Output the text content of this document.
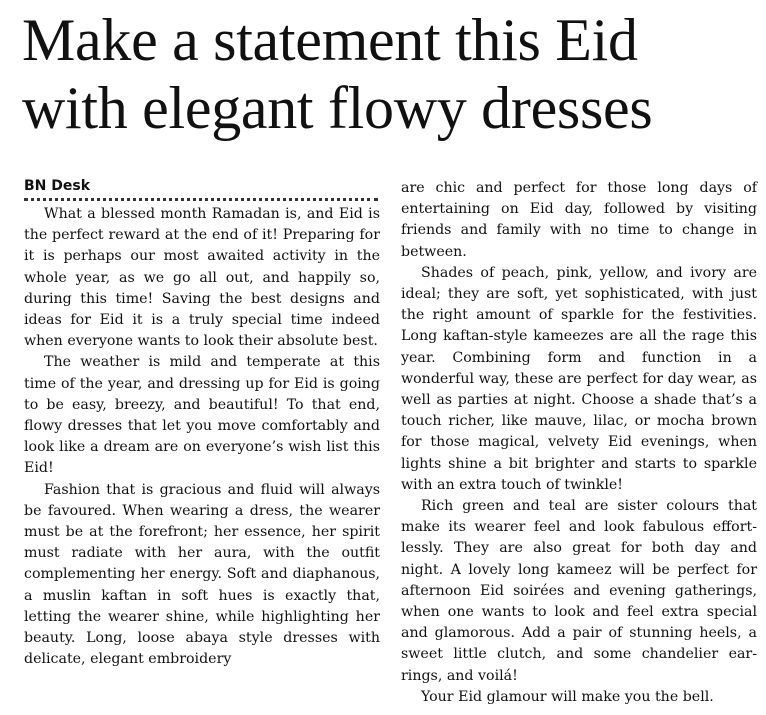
Make a statement this Eid
with elegant flowy dresses
BN Desk

What a blessed month Ramadan is, and Eid is the perfect reward at the end of it! Preparing for it is perhaps our most awaited activity in the whole year, as we go all out, and happily so, during this time! Saving the best designs and ideas for Eid it is a truly special time indeed when everyone wants to look their absolute best.

The weather is mild and temperate at this time of the year, and dressing up for Eid is going to be easy, breezy, and beautiful! To that end, flowy dresses that let you move comfortably and look like a dream are on everyone’s wish list this Eid!

Fashion that is gracious and fluid will always be favoured. When wearing a dress, the wearer must be at the forefront; her essence, her spirit must radiate with her aura, with the outfit complementing her energy. Soft and diaphanous, a muslin kaftan in soft hues is exactly that, letting the wearer shine, while highlighting her beauty. Long, loose abaya style dresses with delicate, elegant embroidery

are chic and perfect for those long days of entertaining on Eid day, followed by visiting friends and family with no time to change in between.

Shades of peach, pink, yellow, and ivory are ideal; they are soft, yet sophisticated, with just the right amount of sparkle for the festivities. Long kaftan-style kameezes are all the rage this year. Combining form and function in a wonderful way, these are perfect for day wear, as well as parties at night. Choose a shade that’s a touch richer, like mauve, lilac, or mocha brown for those magical, velvety Eid evenings, when lights shine a bit brighter and starts to sparkle with an extra touch of twinkle!

Rich green and teal are sister colours that make its wearer feel and look fabulous effortlessly. They are also great for both day and night. A lovely long kameez will be perfect for afternoon Eid soirées and evening gatherings, when one wants to look and feel extra special and glamorous. Add a pair of stunning heels, a sweet little clutch, and some chandelier earrings, and voilá!

Your Eid glamour will make you the bell.
